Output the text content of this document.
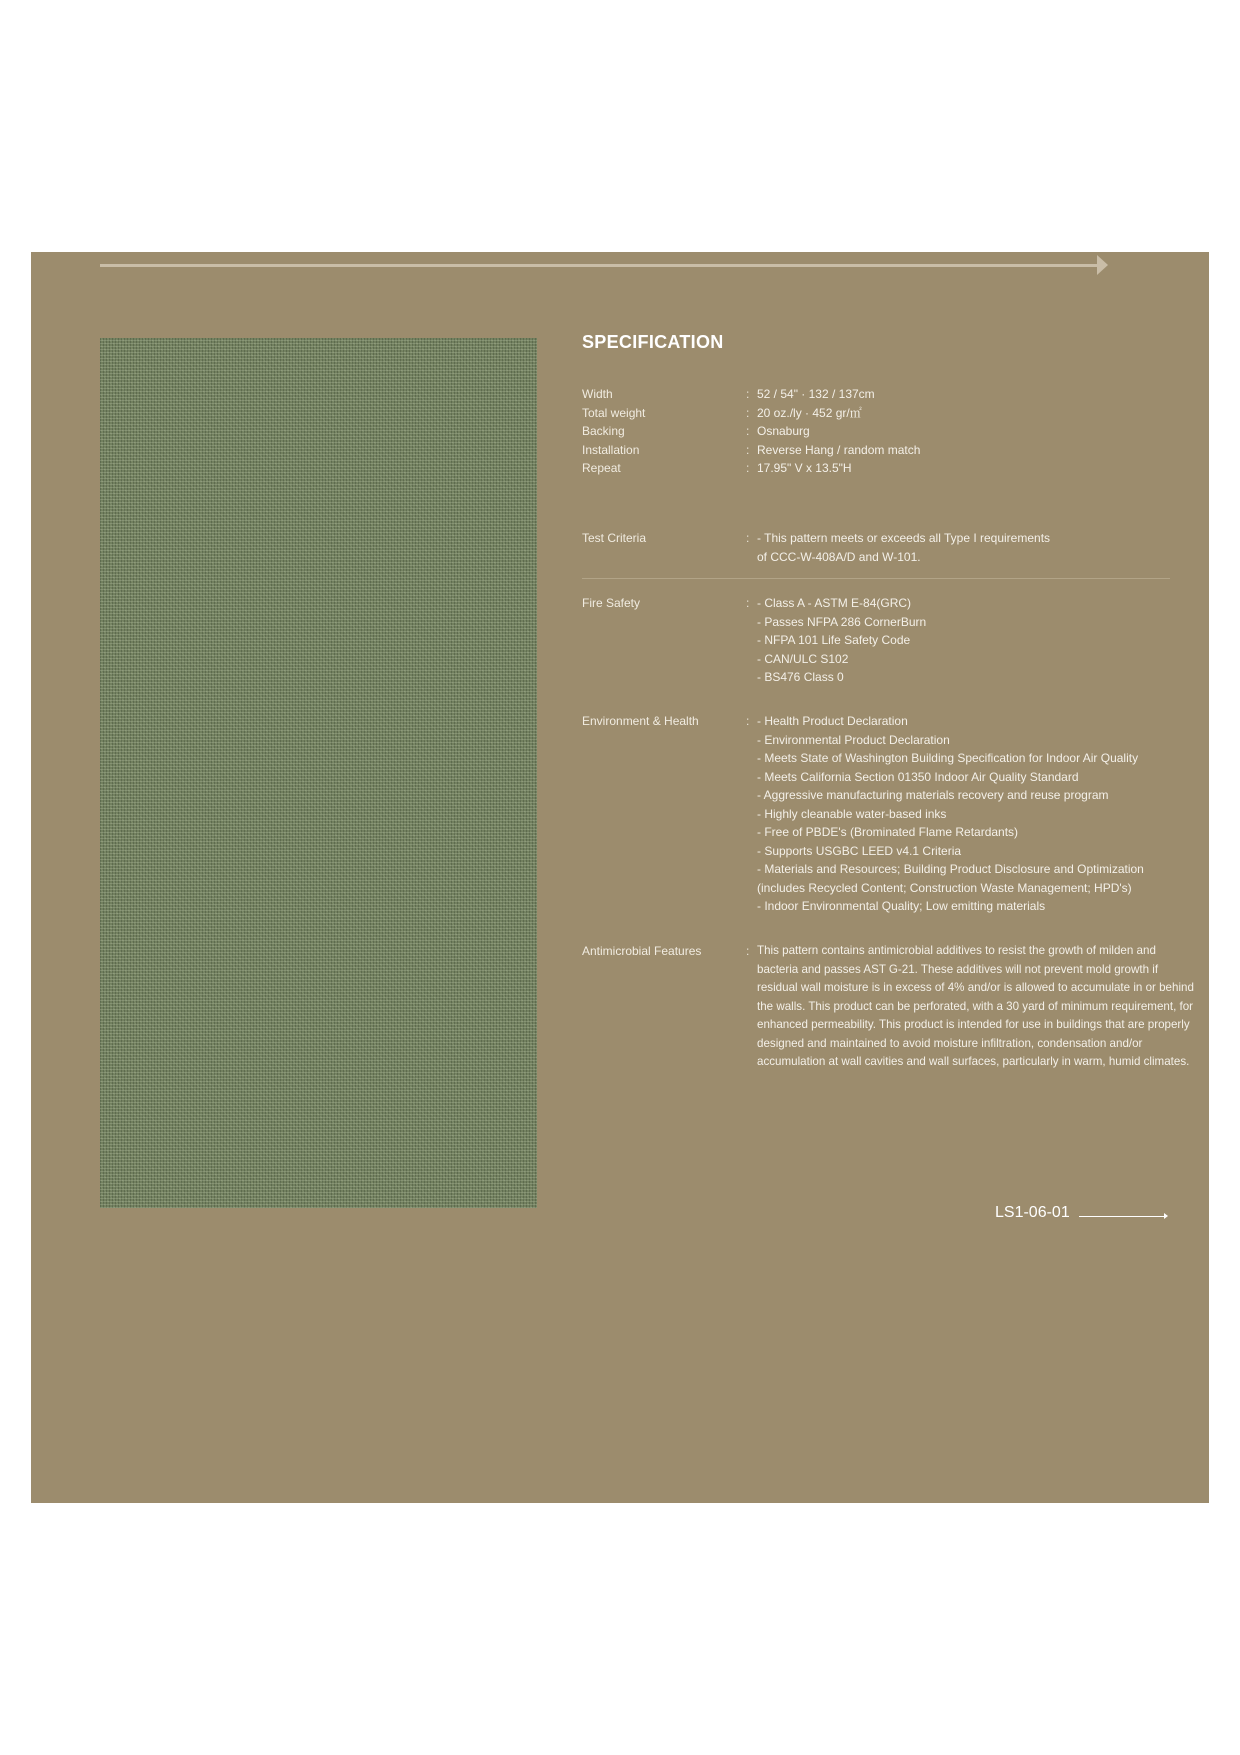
SPECIFICATION
Width	: 52 / 54" · 132 / 137cm
Total weight	: 20 oz./ly · 452 gr/㎡
Backing	: Osnaburg
Installation	: Reverse Hang / random match
Repeat	: 17.95" V x 13.5"H
Test Criteria	: - This pattern meets or exceeds all Type I requirements
of CCC-W-408A/D and W-101.
Fire Safety	: - Class A - ASTM E-84(GRC)
- Passes NFPA 286 CornerBurn
- NFPA 101 Life Safety Code
- CAN/ULC S102
- BS476 Class 0
Environment & Health	: - Health Product Declaration
- Environmental Product Declaration
- Meets State of Washington Building Specification for Indoor Air Quality
- Meets California Section 01350 Indoor Air Quality Standard
- Aggressive manufacturing materials recovery and reuse program
- Highly cleanable water-based inks
- Free of PBDE's (Brominated Flame Retardants)
- Supports USGBC LEED v4.1 Criteria
- Materials and Resources; Building Product Disclosure and Optimization
(includes Recycled Content; Construction Waste Management; HPD's)
- Indoor Environmental Quality; Low emitting materials
Antimicrobial Features	: This pattern contains antimicrobial additives to resist the growth of milden and bacteria and passes AST G-21. These additives will not prevent mold growth if residual wall moisture is in excess of 4% and/or is allowed to accumulate in or behind the walls. This product can be perforated, with a 30 yard of minimum requirement, for enhanced permeability. This product is intended for use in buildings that are properly designed and maintained to avoid moisture infiltration, condensation and/or accumulation at wall cavities and wall surfaces, particularly in warm, humid climates.
LS1-06-01
